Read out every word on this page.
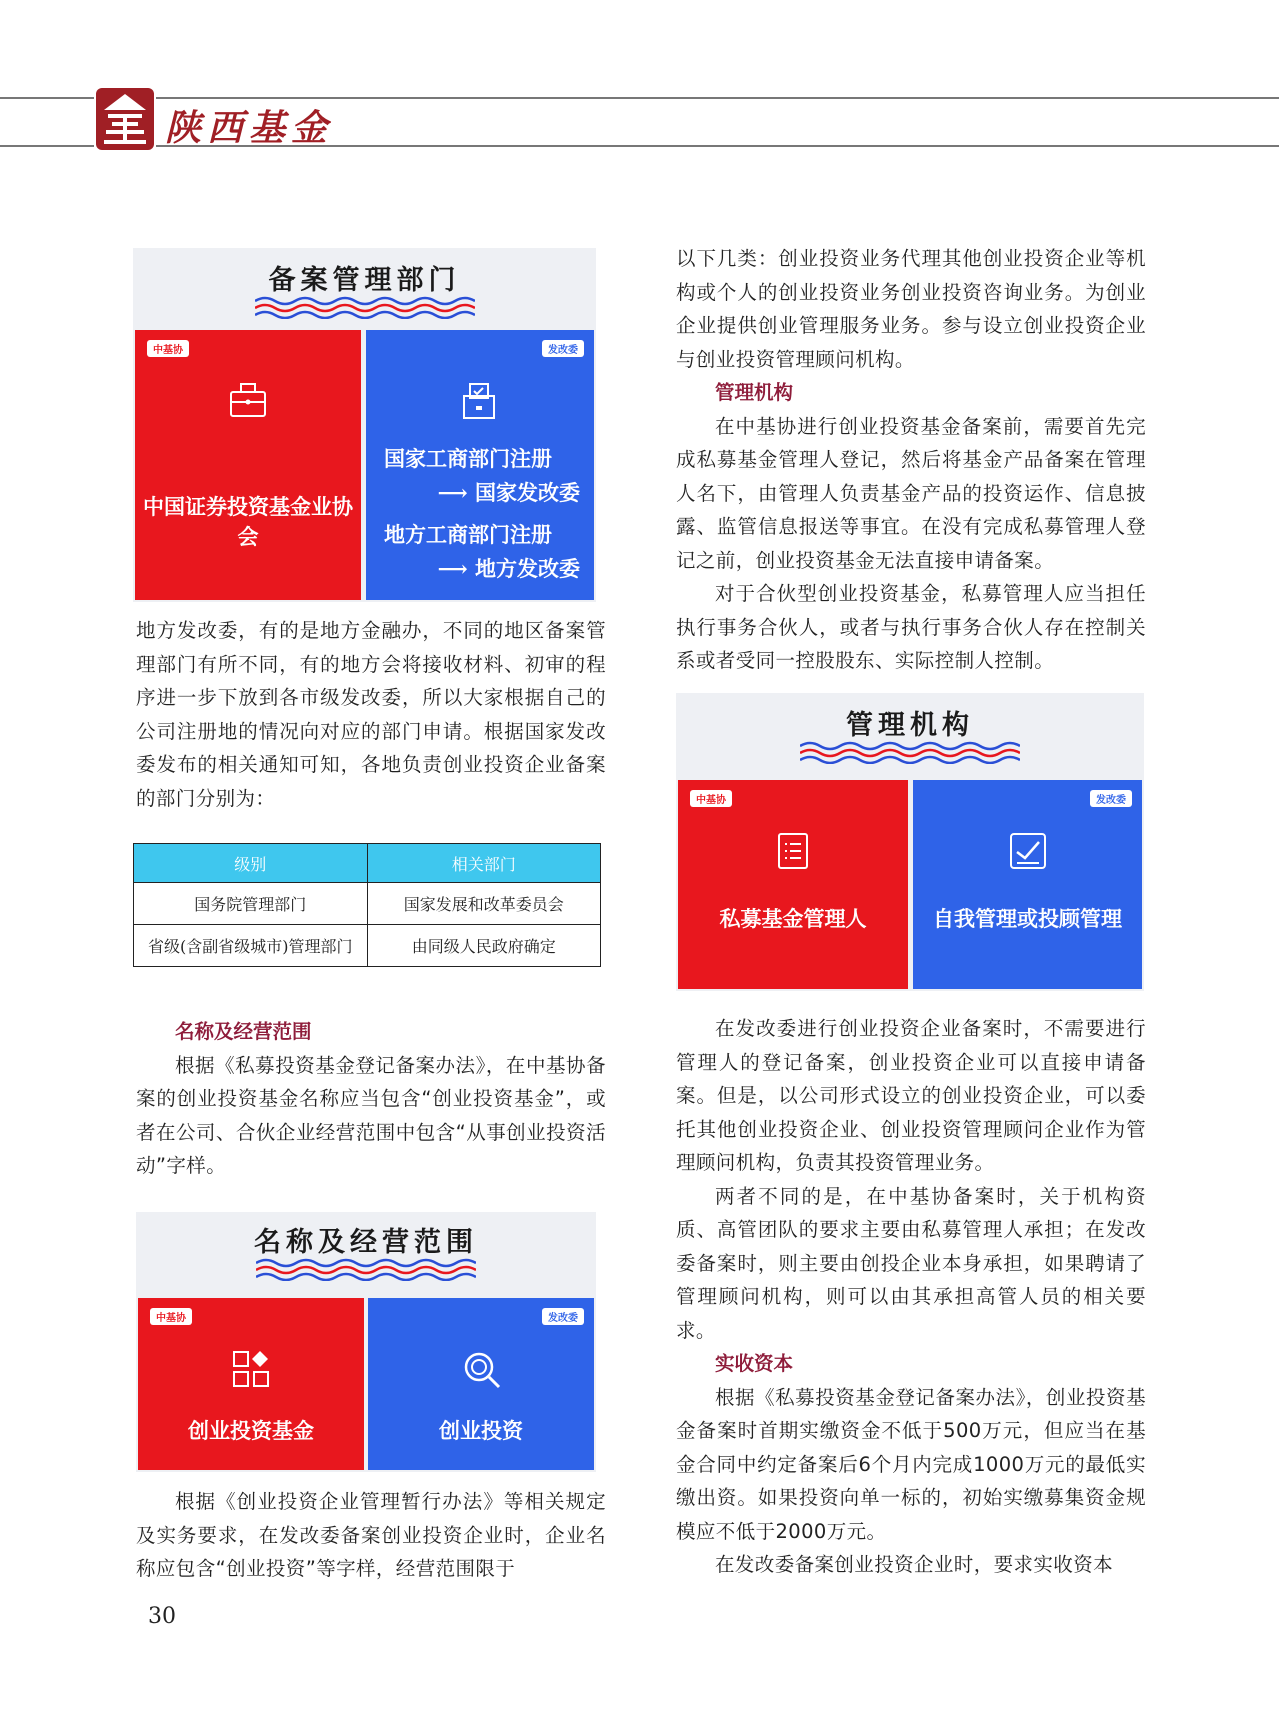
陕西基金
备案管理部门
中基协
中国证券投资基金业协会
发改委
国家工商部门注册
⟶ 国家发改委
地方工商部门注册
⟶ 地方发改委

地方发改委，有的是地方金融办，不同的地区备案管理部门有所不同，有的地方会将接收材料、初审的程序进一步下放到各市级发改委，所以大家根据自己的公司注册地的情况向对应的部门申请。根据国家发改委发布的相关通知可知，各地负责创业投资企业备案的部门分别为：

级别	相关部门
国务院管理部门	国家发展和改革委员会
省级(含副省级城市)管理部门	由同级人民政府确定

名称及经营范围

根据《私募投资基金登记备案办法》，在中基协备案的创业投资基金名称应当包含“创业投资基金”，或者在公司、合伙企业经营范围中包含“从事创业投资活动”字样。

名称及经营范围
中基协
创业投资基金
发改委
创业投资

根据《创业投资企业管理暂行办法》等相关规定及实务要求，在发改委备案创业投资企业时，企业名称应包含“创业投资”等字样，经营范围限于

30

以下几类：创业投资业务代理其他创业投资企业等机构或个人的创业投资业务创业投资咨询业务。为创业企业提供创业管理服务业务。参与设立创业投资企业与创业投资管理顾问机构。

管理机构

在中基协进行创业投资基金备案前，需要首先完成私募基金管理人登记，然后将基金产品备案在管理人名下，由管理人负责基金产品的投资运作、信息披露、监管信息报送等事宜。在没有完成私募管理人登记之前，创业投资基金无法直接申请备案。

对于合伙型创业投资基金，私募管理人应当担任执行事务合伙人，或者与执行事务合伙人存在控制关系或者受同一控股股东、实际控制人控制。

管理机构
中基协
私募基金管理人
发改委
自我管理或投顾管理

在发改委进行创业投资企业备案时，不需要进行管理人的登记备案，创业投资企业可以直接申请备案。但是，以公司形式设立的创业投资企业，可以委托其他创业投资企业、创业投资管理顾问企业作为管理顾问机构，负责其投资管理业务。

两者不同的是，在中基协备案时，关于机构资质、高管团队的要求主要由私募管理人承担；在发改委备案时，则主要由创投企业本身承担，如果聘请了管理顾问机构，则可以由其承担高管人员的相关要求。

实收资本

根据《私募投资基金登记备案办法》，创业投资基金备案时首期实缴资金不低于500万元，但应当在基金合同中约定备案后6个月内完成1000万元的最低实缴出资。如果投资向单一标的，初始实缴募集资金规模应不低于2000万元。

在发改委备案创业投资企业时，要求实收资本
